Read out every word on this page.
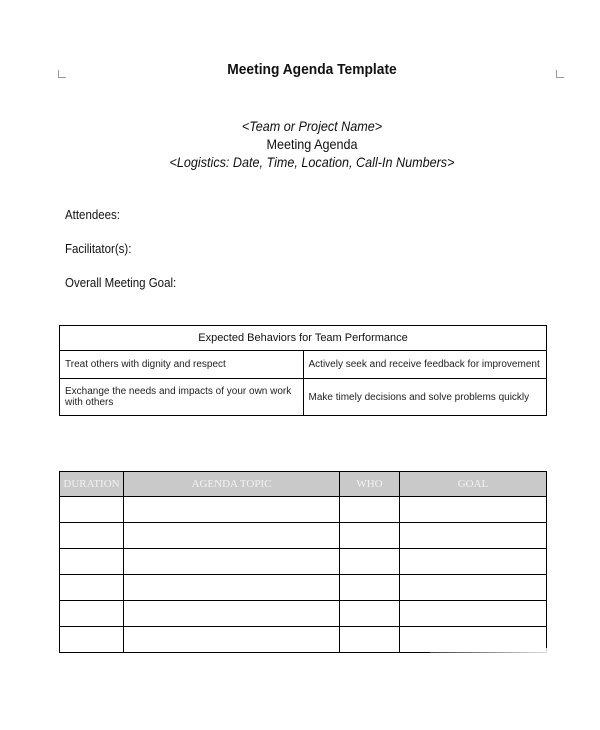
Meeting Agenda Template
<Team or Project Name>
Meeting Agenda
<Logistics: Date, Time, Location, Call-In Numbers>
Attendees:
Facilitator(s):
Overall Meeting Goal:
Expected Behaviors for Team Performance	
Treat others with dignity and respect	Actively seek and receive feedback for improvement
Exchange the needs and impacts of your own work with others	Make timely decisions and solve problems quickly
DURATION	AGENDA TOPIC	WHO	GOAL
